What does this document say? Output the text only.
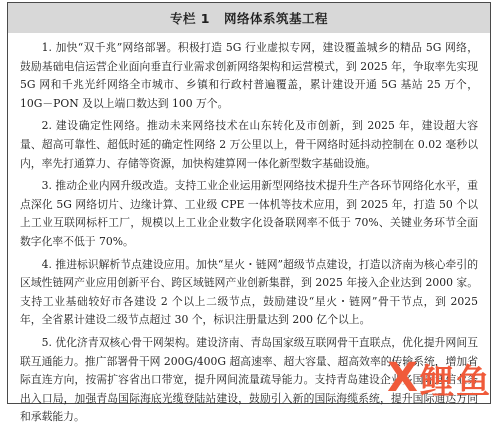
专栏 1 网络体系筑基工程

1. 加快“双千兆”网络部署。积极打造 5G 行业虚拟专网，建设覆盖城乡的精品 5G 网络，鼓励基础电信运营企业面向垂直行业需求创新网络架构和运营模式，到 2025 年，争取率先实现 5G 网和千兆光纤网络全市城市、乡镇和行政村普遍覆盖，累计建设开通 5G 基站 25 万个，10G－PON 及以上端口数达到 100 万个。

2. 建设确定性网络。推动未来网络技术在山东转化及市创新，到 2025 年，建设超大容量、超高可靠性、超低时延的确定性网络 2 万公里以上，骨干网络时延抖动控制在 0.02 毫秒以内，率先打通算力、存储等资源，加快构建算网一体化新型数字基础设施。

3. 推动企业内网升级改造。支持工业企业运用新型网络技术提升生产各环节网络化水平，重点深化 5G 网络切片、边缘计算、工业级 CPE 一体机等技术应用，到 2025 年，打造 50 个以上工业互联网标杆工厂，规模以上工业企业数字化设备联网率不低于 70%、关键业务环节全面数字化率不低于 70%。

4. 推进标识解析节点建设应用。加快“星火・链网”超级节点建设，打造以济南为核心牵引的区域性链网产业应用创新平台、跨区域链网产业创新集群，到 2025 年接入企业达到 2000 家。支持工业基础较好市各建设 2 个以上二级节点，鼓励建设“星火・链网”骨干节点，到 2025 年，全省累计建设二级节点超过 30 个，标识注册量达到 200 亿个以上。

5. 优化济青双核心骨干网架构。建设济南、青岛国家级互联网骨干直联点，优化提升网间互联互通能力。推广部署骨干网 200G/400G 超高速率、超大容量、超高效率的传输系统，增加省际直连方向，按需扩容省出口带宽，提升网间流量疏导能力。支持青岛建设企业多国际通信业务出入口局，加强青岛国际海底光缆登陆站建设，鼓励引入新的国际海缆系统，提升国际通达方向和承载能力。

X 鲤鱼
